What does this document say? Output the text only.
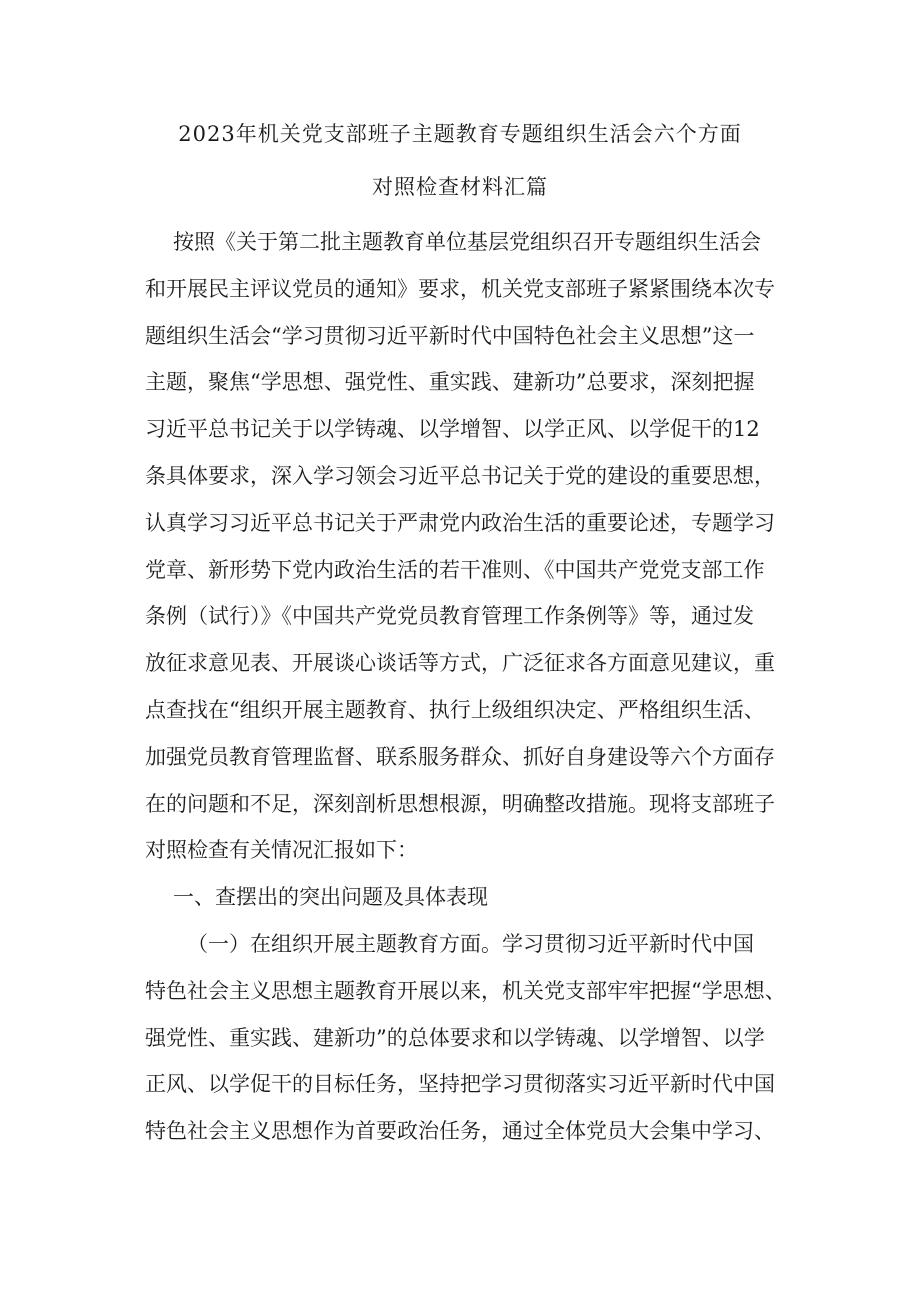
2023年机关党支部班子主题教育专题组织生活会六个方面
对照检查材料汇篇
按照《关于第二批主题教育单位基层党组织召开专题组织生活会
和开展民主评议党员的通知》要求，机关党支部班子紧紧围绕本次专
题组织生活会“学习贯彻习近平新时代中国特色社会主义思想”这一
主题，聚焦“学思想、强党性、重实践、建新功”总要求，深刻把握
习近平总书记关于以学铸魂、以学增智、以学正风、以学促干的12
条具体要求，深入学习领会习近平总书记关于党的建设的重要思想，
认真学习习近平总书记关于严肃党内政治生活的重要论述，专题学习
党章、新形势下党内政治生活的若干准则、《中国共产党党支部工作
条例（试行）》《中国共产党党员教育管理工作条例等》等，通过发
放征求意见表、开展谈心谈话等方式，广泛征求各方面意见建议，重
点查找在“组织开展主题教育、执行上级组织决定、严格组织生活、
加强党员教育管理监督、联系服务群众、抓好自身建设等六个方面存
在的问题和不足，深刻剖析思想根源，明确整改措施。现将支部班子
对照检查有关情况汇报如下：
一、查摆出的突出问题及具体表现
（一）在组织开展主题教育方面。学习贯彻习近平新时代中国
特色社会主义思想主题教育开展以来，机关党支部牢牢把握“学思想、
强党性、重实践、建新功”的总体要求和以学铸魂、以学增智、以学
正风、以学促干的目标任务，坚持把学习贯彻落实习近平新时代中国
特色社会主义思想作为首要政治任务，通过全体党员大会集中学习、
